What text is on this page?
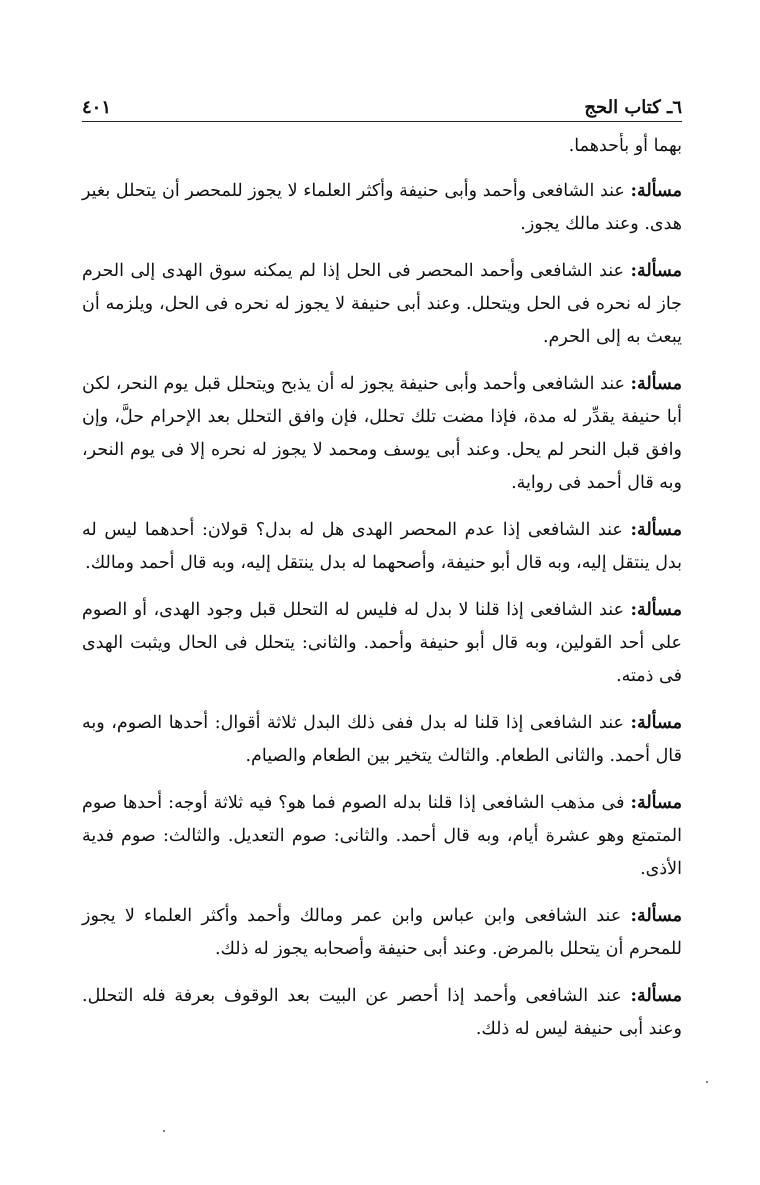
٦ـ كتاب الحج
٤٠١

بهما أو بأحدهما.

مسألة: عند الشافعى وأحمد وأبى حنيفة وأكثر العلماء لا يجوز للمحصر أن يتحلل بغير هدى. وعند مالك يجوز.

مسألة: عند الشافعى وأحمد المحصر فى الحل إذا لم يمكنه سوق الهدى إلى الحرم جاز له نحره فى الحل ويتحلل. وعند أبى حنيفة لا يجوز له نحره فى الحل، ويلزمه أن يبعث به إلى الحرم.

مسألة: عند الشافعى وأحمد وأبى حنيفة يجوز له أن يذبح ويتحلل قبل يوم النحر، لكن أبا حنيفة يقدِّر له مدة، فإذا مضت تلك تحلل، فإن وافق التحلل بعد الإحرام حلَّ، وإن وافق قبل النحر لم يحل. وعند أبى يوسف ومحمد لا يجوز له نحره إلا فى يوم النحر، وبه قال أحمد فى رواية.

مسألة: عند الشافعى إذا عدم المحصر الهدى هل له بدل؟ قولان: أحدهما ليس له بدل ينتقل إليه، وبه قال أبو حنيفة، وأصحهما له بدل ينتقل إليه، وبه قال أحمد ومالك.

مسألة: عند الشافعى إذا قلنا لا بدل له فليس له التحلل قبل وجود الهدى، أو الصوم على أحد القولين، وبه قال أبو حنيفة وأحمد. والثانى: يتحلل فى الحال ويثبت الهدى فى ذمته.

مسألة: عند الشافعى إذا قلنا له بدل ففى ذلك البدل ثلاثة أقوال: أحدها الصوم، وبه قال أحمد. والثانى الطعام. والثالث يتخير بين الطعام والصيام.

مسألة: فى مذهب الشافعى إذا قلنا بدله الصوم فما هو؟ فيه ثلاثة أوجه: أحدها صوم المتمتع وهو عشرة أيام، وبه قال أحمد. والثانى: صوم التعديل. والثالث: صوم فدية الأذى.

مسألة: عند الشافعى وابن عباس وابن عمر ومالك وأحمد وأكثر العلماء لا يجوز للمحرم أن يتحلل بالمرض. وعند أبى حنيفة وأصحابه يجوز له ذلك.

مسألة: عند الشافعى وأحمد إذا أحصر عن البيت بعد الوقوف بعرفة فله التحلل. وعند أبى حنيفة ليس له ذلك.
